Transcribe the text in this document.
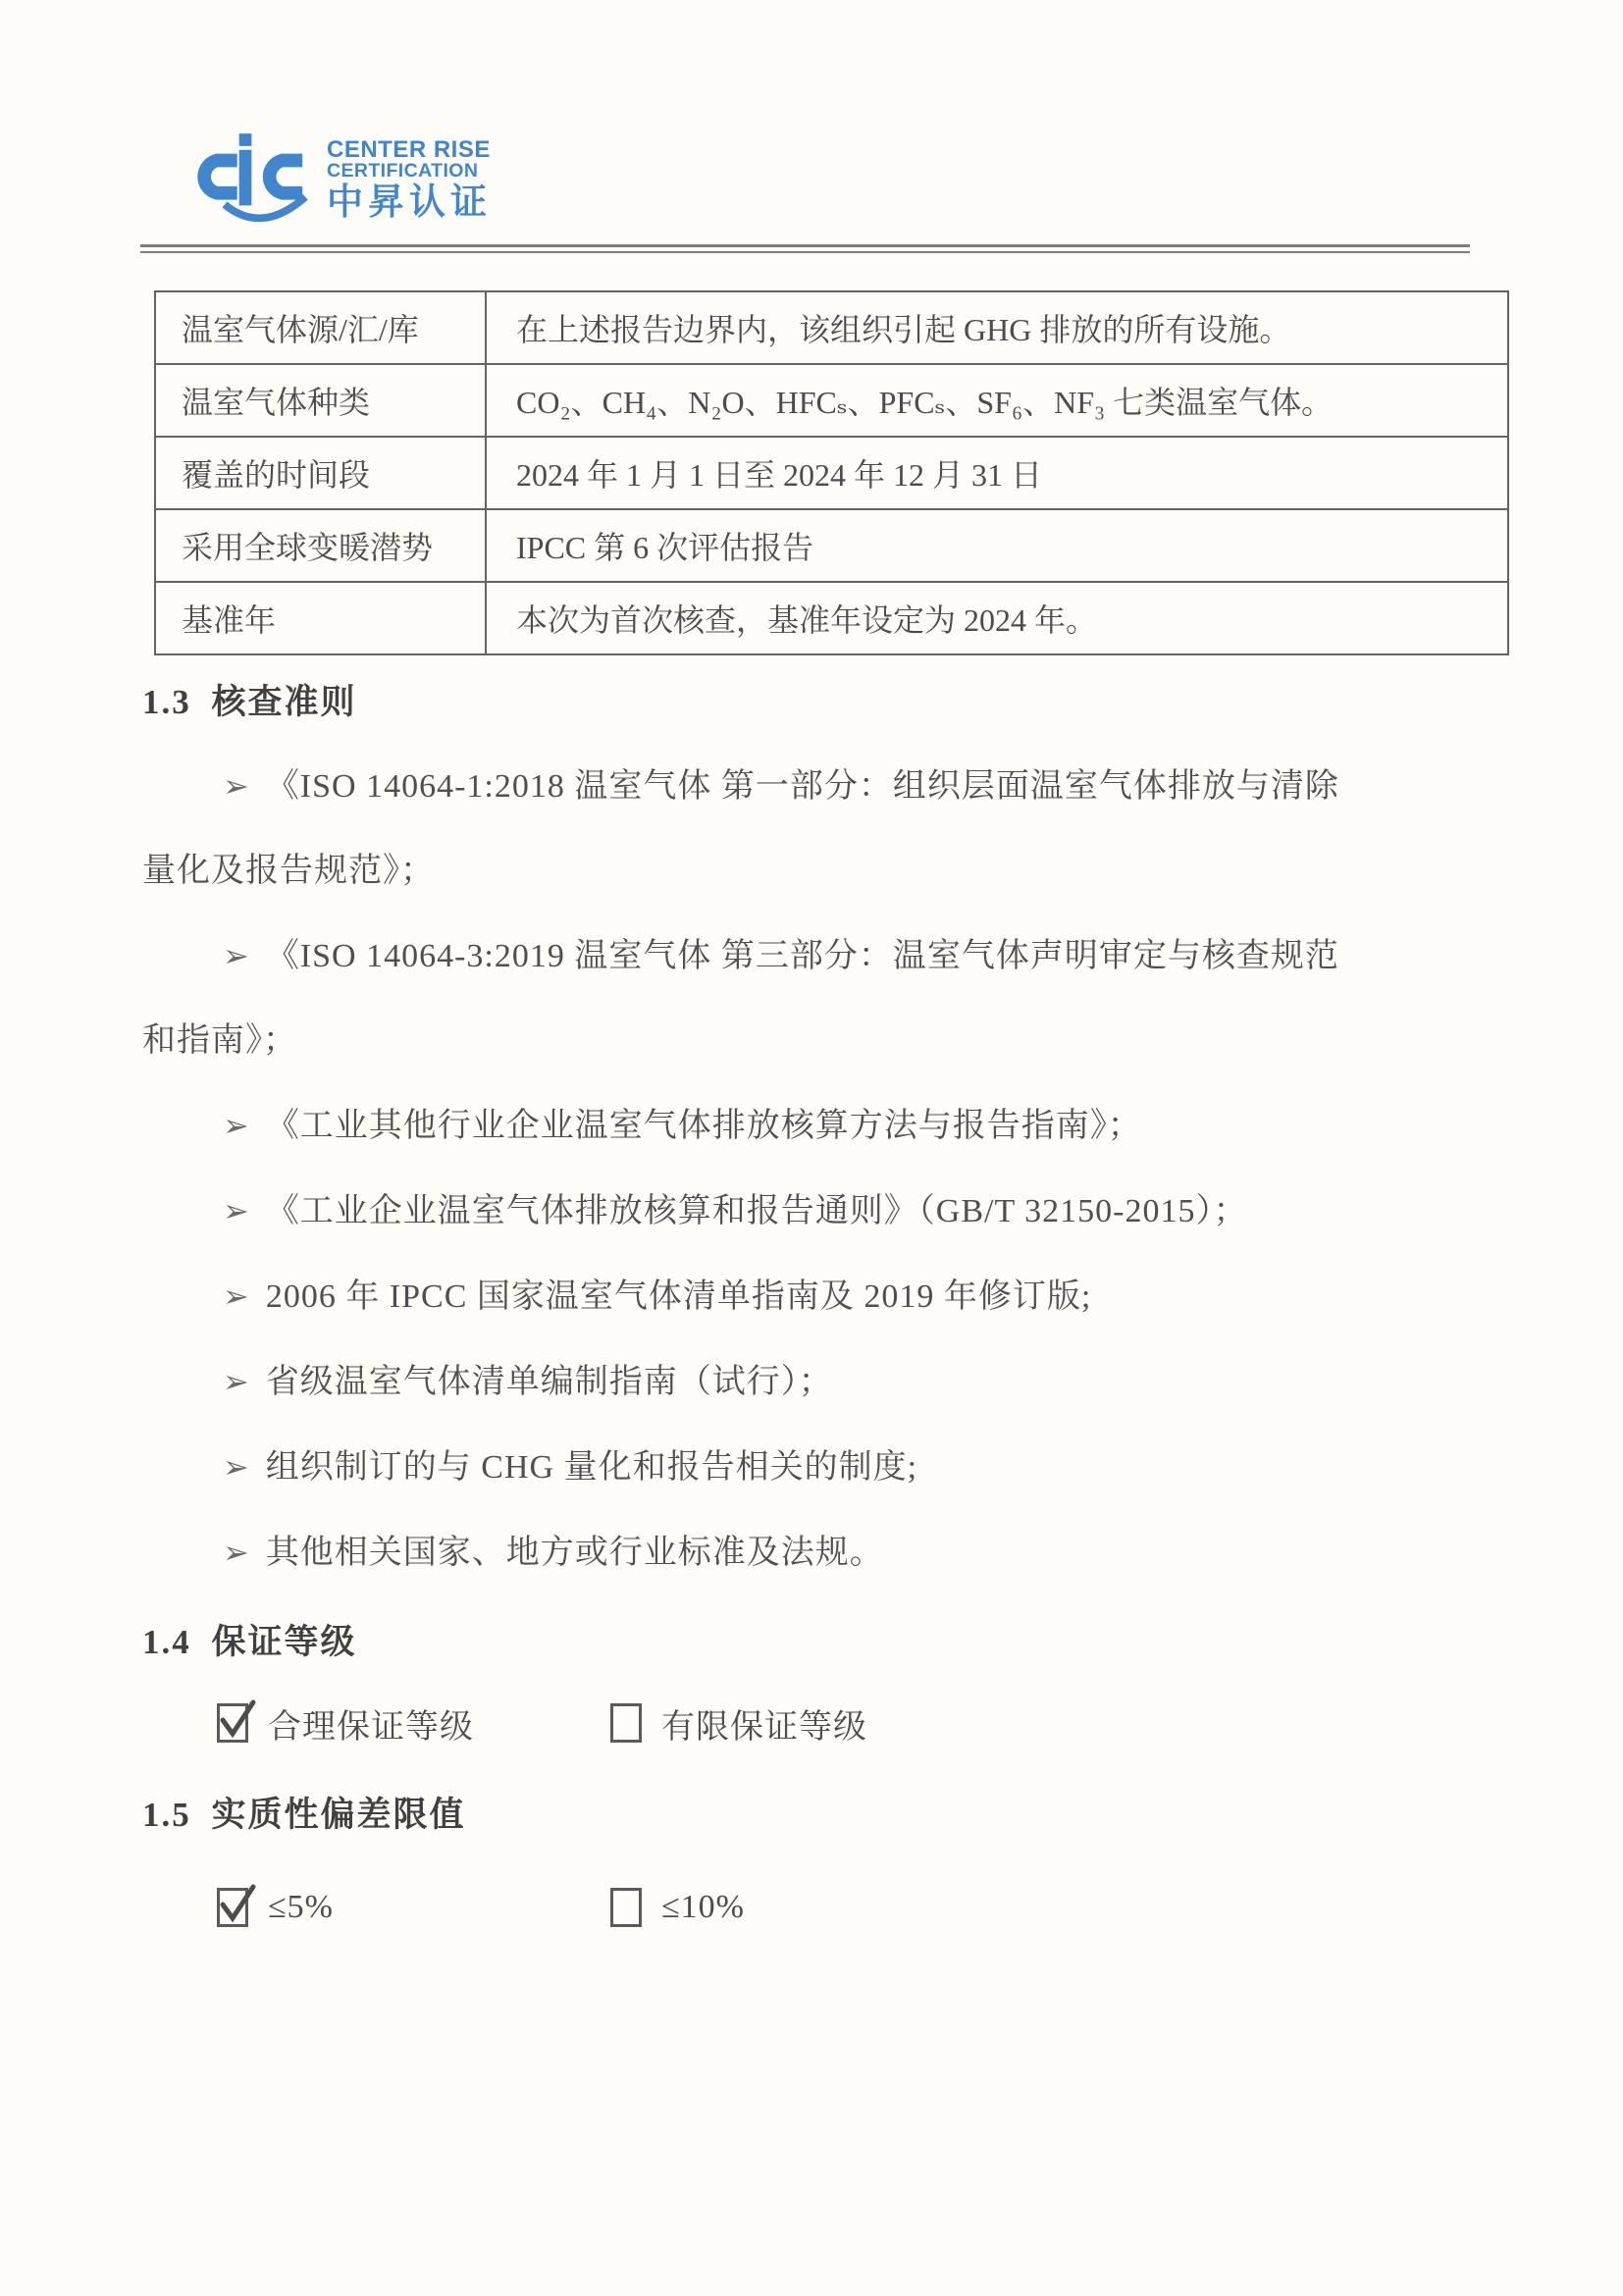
CENTER RISE
CERTIFICATION
中昇认证
温室气体源/汇/库	在上述报告边界内，该组织引起 GHG 排放的所有设施。
温室气体种类	CO₂、CH₄、N₂O、HFCₛ、PFCₛ、SF₆、NF₃ 七类温室气体。
覆盖的时间段	2024 年 1 月 1 日至 2024 年 12 月 31 日
采用全球变暖潜势	IPCC 第 6 次评估报告
基准年	本次为首次核查，基准年设定为 2024 年。
1.3 核查准则

➢ 《ISO 14064-1:2018 温室气体 第一部分：组织层面温室气体排放与清除
量化及报告规范》；

➢ 《ISO 14064-3:2019 温室气体 第三部分：温室气体声明审定与核查规范
和指南》；

➢ 《工业其他行业企业温室气体排放核算方法与报告指南》；

➢ 《工业企业温室气体排放核算和报告通则》（GB/T 32150-2015）；

➢ 2006 年 IPCC 国家温室气体清单指南及 2019 年修订版;

➢ 省级温室气体清单编制指南（试行）；

➢ 组织制订的与 CHG 量化和报告相关的制度;

➢ 其他相关国家、地方或行业标准及法规。

1.4 保证等级
合理保证等级	有限保证等级
1.5 实质性偏差限值
≤5%	≤10%
